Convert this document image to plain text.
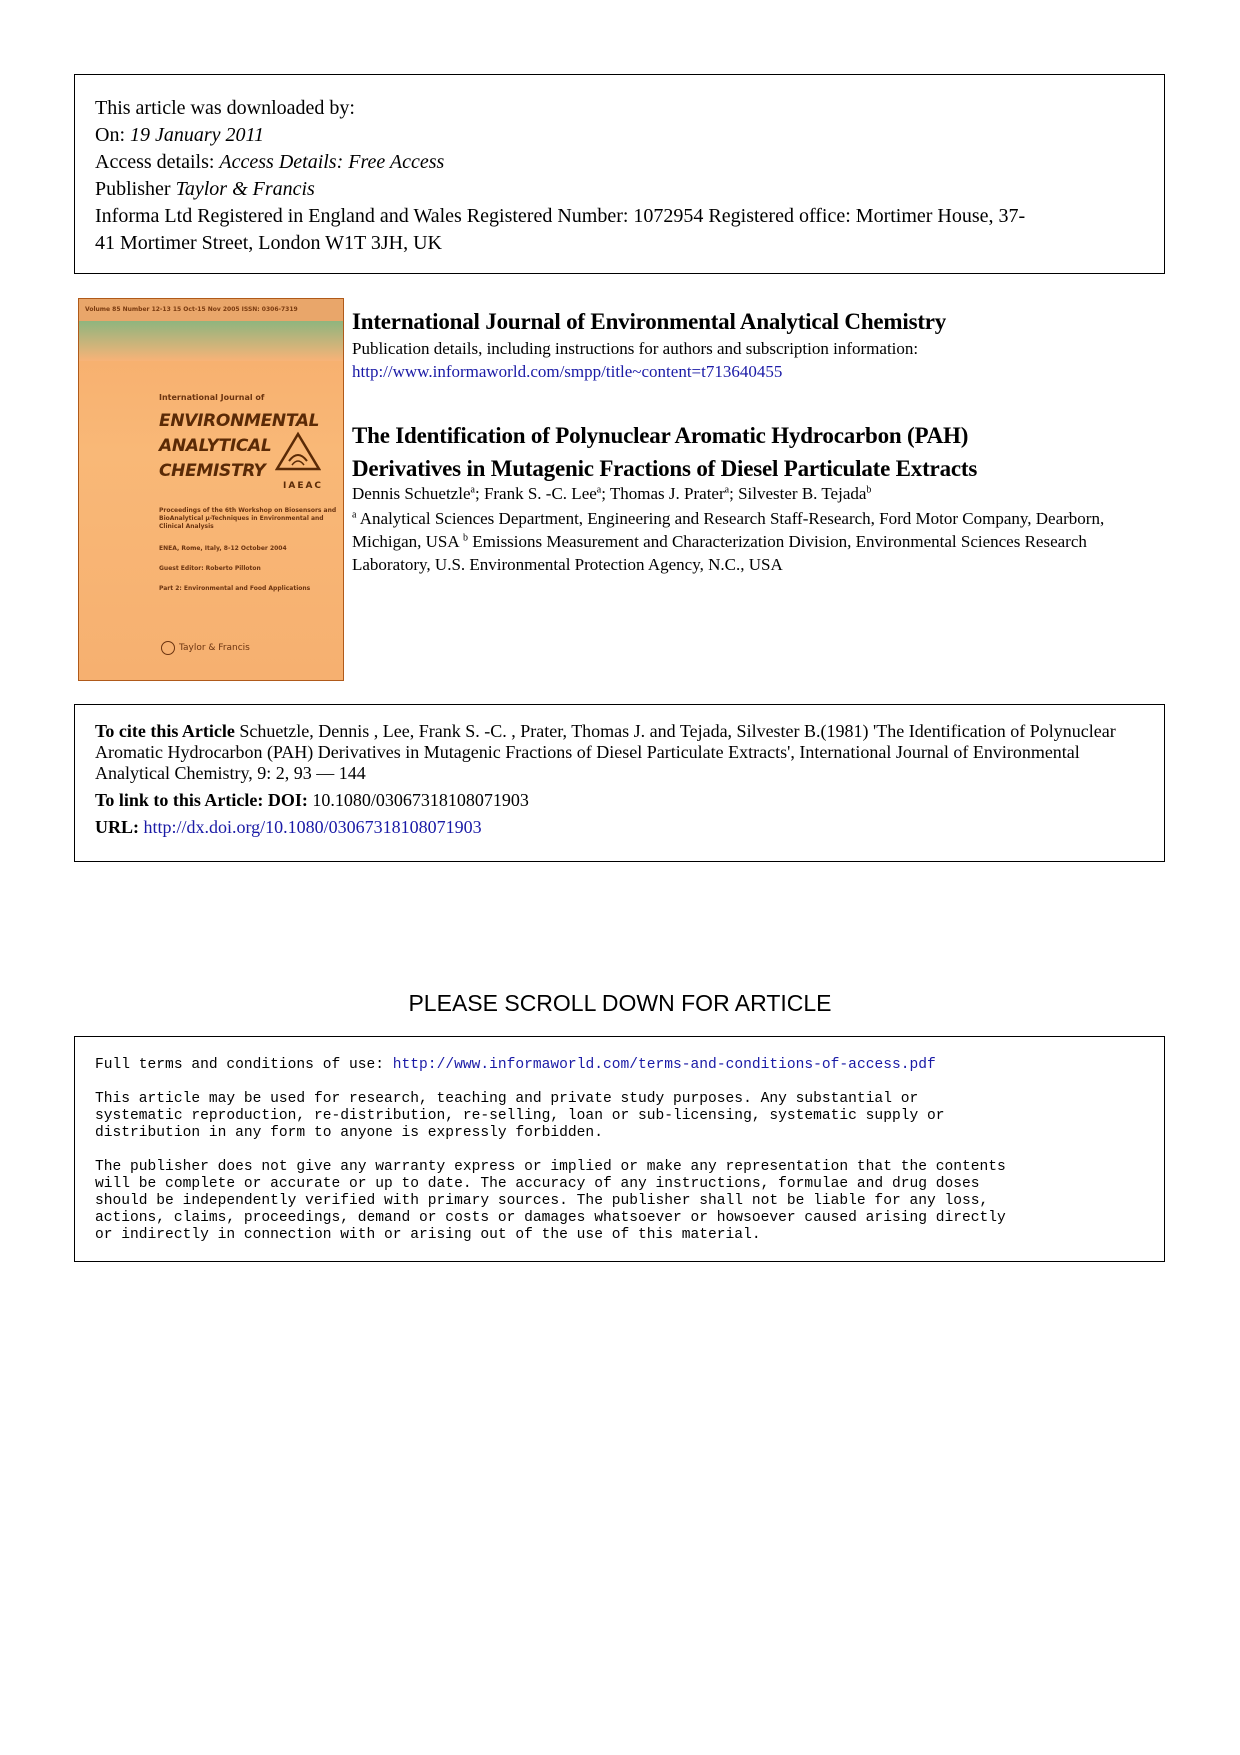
This article was downloaded by:
On: 19 January 2011
Access details: Access Details: Free Access
Publisher Taylor & Francis
Informa Ltd Registered in England and Wales Registered Number: 1072954 Registered office: Mortimer House, 37-
41 Mortimer Street, London W1T 3JH, UK
Volume 85 Number 12-13 15 Oct-15 Nov 2005 ISSN: 0306-7319
International Journal of
ENVIRONMENTAL
ANALYTICAL
CHEMISTRY
IAEAC
Proceedings of the 6th Workshop on Biosensors and BioAnalytical µ-Techniques in Environmental and Clinical Analysis
ENEA, Rome, Italy, 8-12 October 2004
Guest Editor: Roberto Pilloton
Part 2: Environmental and Food Applications
Taylor & Francis
International Journal of Environmental Analytical Chemistry
Publication details, including instructions for authors and subscription information:
http://www.informaworld.com/smpp/title~content=t713640455
The Identification of Polynuclear Aromatic Hydrocarbon (PAH)
Derivatives in Mutagenic Fractions of Diesel Particulate Extracts
Dennis Schuetzle$^a$; Frank S. -C. Lee$^a$; Thomas J. Prater$^a$; Silvester B. Tejada$^b$
$^a$ Analytical Sciences Department, Engineering and Research Staff-Research, Ford Motor Company, Dearborn, Michigan, USA $^b$ Emissions Measurement and Characterization Division, Environmental Sciences Research Laboratory, U.S. Environmental Protection Agency, N.C., USA
To cite this Article Schuetzle, Dennis , Lee, Frank S. -C. , Prater, Thomas J. and Tejada, Silvester B.(1981) 'The Identification of Polynuclear Aromatic Hydrocarbon (PAH) Derivatives in Mutagenic Fractions of Diesel Particulate Extracts', International Journal of Environmental Analytical Chemistry, 9: 2, 93 — 144
To link to this Article: DOI: 10.1080/03067318108071903
URL: http://dx.doi.org/10.1080/03067318108071903
PLEASE SCROLL DOWN FOR ARTICLE

Full terms and conditions of use: http://www.informaworld.com/terms-and-conditions-of-access.pdf

This article may be used for research, teaching and private study purposes. Any substantial or
systematic reproduction, re-distribution, re-selling, loan or sub-licensing, systematic supply or
distribution in any form to anyone is expressly forbidden.

The publisher does not give any warranty express or implied or make any representation that the contents
will be complete or accurate or up to date. The accuracy of any instructions, formulae and drug doses
should be independently verified with primary sources. The publisher shall not be liable for any loss,
actions, claims, proceedings, demand or costs or damages whatsoever or howsoever caused arising directly
or indirectly in connection with or arising out of the use of this material.
